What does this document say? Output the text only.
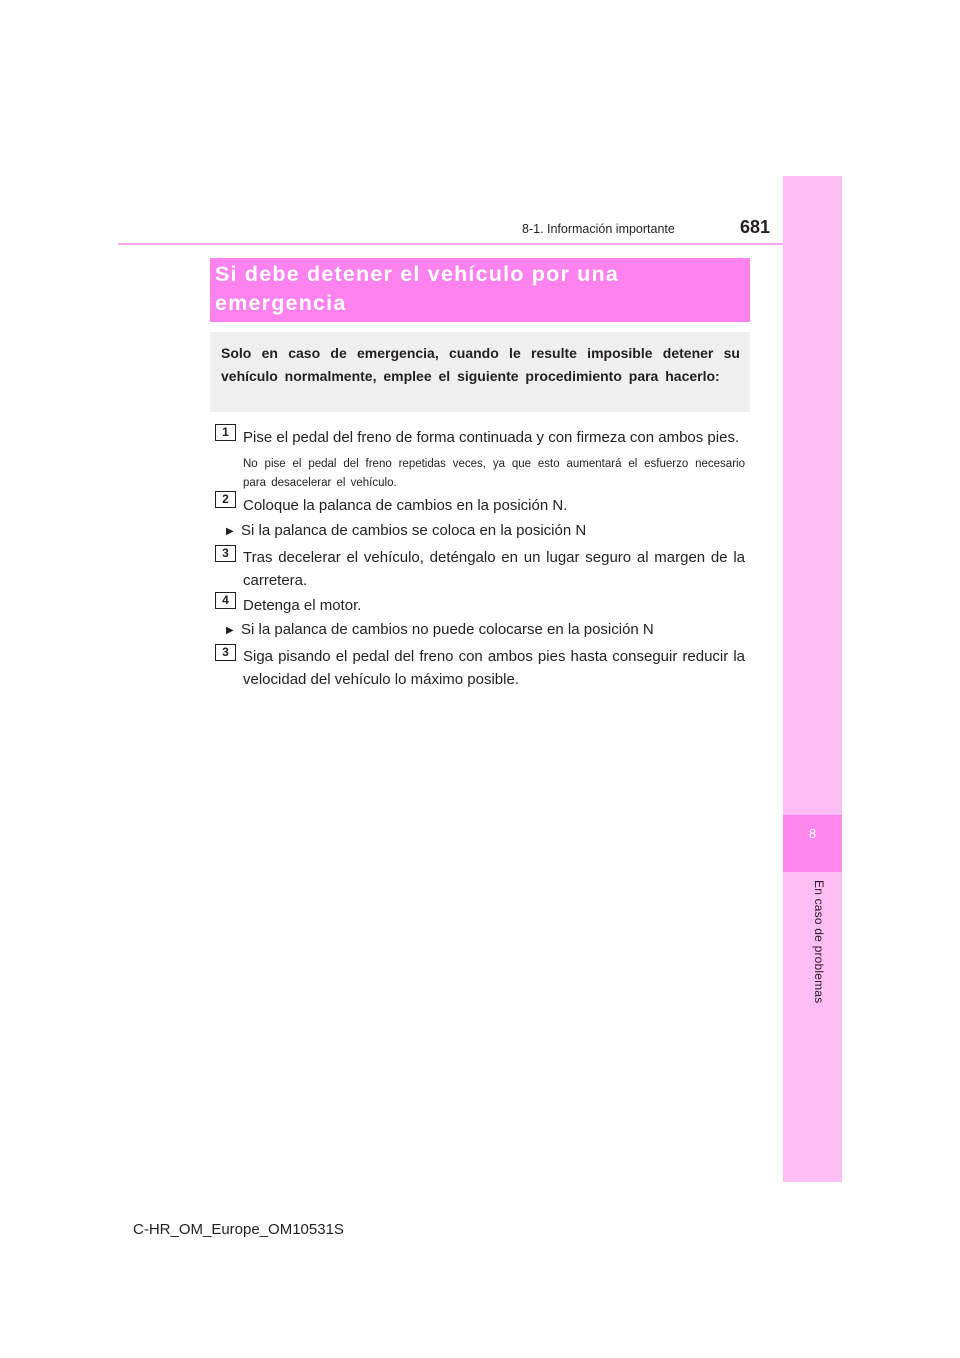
681
8-1. Información importante
8
En caso de problemas
Si debe detener el vehículo por una emergencia

Solo en caso de emergencia, cuando le resulte imposible detener su vehículo normalmente, emplee el siguiente procedimiento para hacerlo:

1 Pise el pedal del freno de forma continuada y con firmeza con ambos pies.

No pise el pedal del freno repetidas veces, ya que esto aumentará el esfuerzo necesario para desacelerar el vehículo.

2 Coloque la palanca de cambios en la posición N.

▶ Si la palanca de cambios se coloca en la posición N
3 Tras decelerar el vehículo, deténgalo en un lugar seguro al margen de la carretera.

4 Detenga el motor.

▶ Si la palanca de cambios no puede colocarse en la posición N
3 Siga pisando el pedal del freno con ambos pies hasta conseguir reducir la velocidad del vehículo lo máximo posible.

C-HR_OM_Europe_OM10531S
